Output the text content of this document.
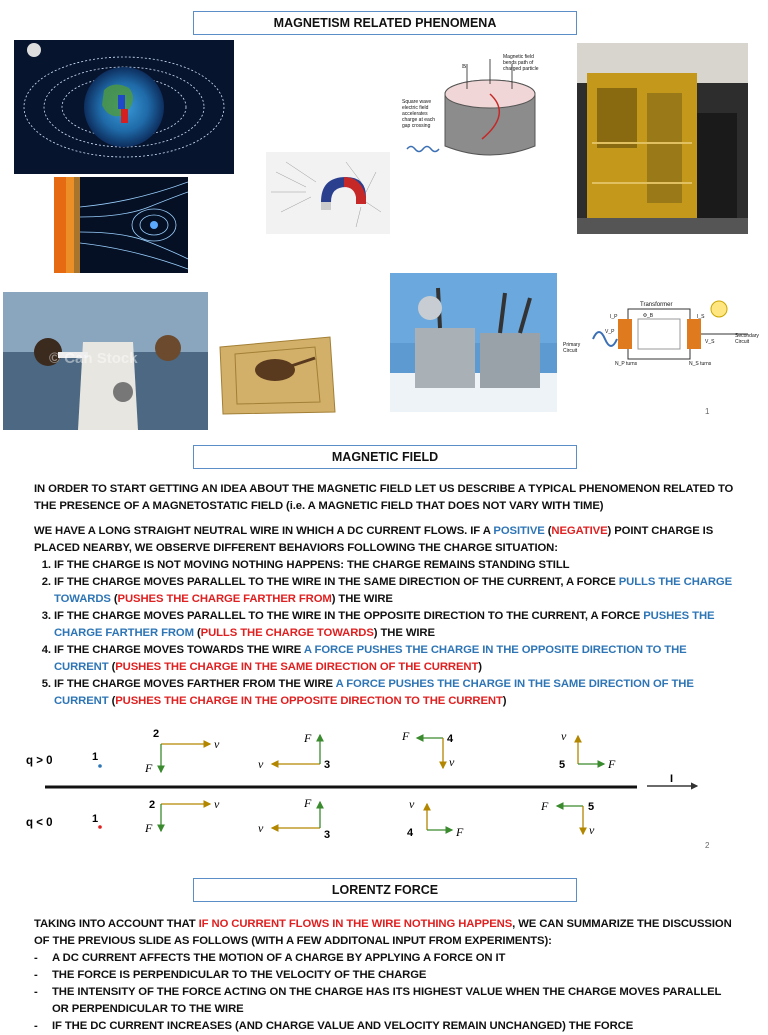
MAGNETISM RELATED PHENOMENA
B
Magnetic field bends path of charged particle
Square wave electric field accelerates charge at each gap crossing
© Can Stock
Transformer
Primary Circuit
Secondary Circuit
Φ_B
I_P	I_S
V_P
V_S
N_P turns	N_S turns
1
MAGNETIC FIELD

IN ORDER TO START GETTING AN IDEA ABOUT THE MAGNETIC FIELD LET US DESCRIBE A TYPICAL PHENOMENON RELATED TO THE PRESENCE OF A MAGNETOSTATIC FIELD (i.e. A MAGNETIC FIELD THAT DOES NOT VARY WITH TIME)

WE HAVE A LONG STRAIGHT NEUTRAL WIRE IN WHICH A DC CURRENT FLOWS. IF A POSITIVE (NEGATIVE) POINT CHARGE IS PLACED NEARBY, WE OBSERVE DIFFERENT BEHAVIORS FOLLOWING THE CHARGE SITUATION:

1. IF THE CHARGE IS NOT MOVING NOTHING HAPPENS: THE CHARGE REMAINS STANDING STILL
2. IF THE CHARGE MOVES PARALLEL TO THE WIRE IN THE SAME DIRECTION OF THE CURRENT, A FORCE PULLS THE CHARGE TOWARDS (PUSHES THE CHARGE FARTHER FROM) THE WIRE
3. IF THE CHARGE MOVES PARALLEL TO THE WIRE IN THE OPPOSITE DIRECTION TO THE CURRENT, A FORCE PUSHES THE CHARGE FARTHER FROM (PULLS THE CHARGE TOWARDS) THE WIRE
4. IF THE CHARGE MOVES TOWARDS THE WIRE A FORCE PUSHES THE CHARGE IN THE OPPOSITE DIRECTION TO THE CURRENT (PUSHES THE CHARGE IN THE SAME DIRECTION OF THE CURRENT)
5. IF THE CHARGE MOVES FARTHER FROM THE WIRE A FORCE PUSHES THE CHARGE IN THE SAME DIRECTION OF THE CURRENT (PUSHES THE CHARGE IN THE OPPOSITE DIRECTION TO THE CURRENT)
q > 0
q < 0
I
1
2
v⃗
F⃗	v⃗
F⃗
3
F⃗
v⃗
4	v⃗
F⃗
5
1
2	v⃗
F⃗	v⃗
F⃗
3
v⃗
F⃗
4
F⃗
v⃗
5
2
LORENTZ FORCE

TAKING INTO ACCOUNT THAT IF NO CURRENT FLOWS IN THE WIRE NOTHING HAPPENS, WE CAN SUMMARIZE THE DISCUSSION OF THE PREVIOUS SLIDE AS FOLLOWS (WITH A FEW ADDITONAL INPUT FROM EXPERIMENTS):

- A DC CURRENT AFFECTS THE MOTION OF A CHARGE BY APPLYING A FORCE ON IT
- THE FORCE IS PERPENDICULAR TO THE VELOCITY OF THE CHARGE
- THE INTENSITY OF THE FORCE ACTING ON THE CHARGE HAS ITS HIGHEST VALUE WHEN THE CHARGE MOVES PARALLEL OR PERPENDICULAR TO THE WIRE
- IF THE DC CURRENT INCREASES (AND CHARGE VALUE AND VELOCITY REMAIN UNCHANGED) THE FORCE
